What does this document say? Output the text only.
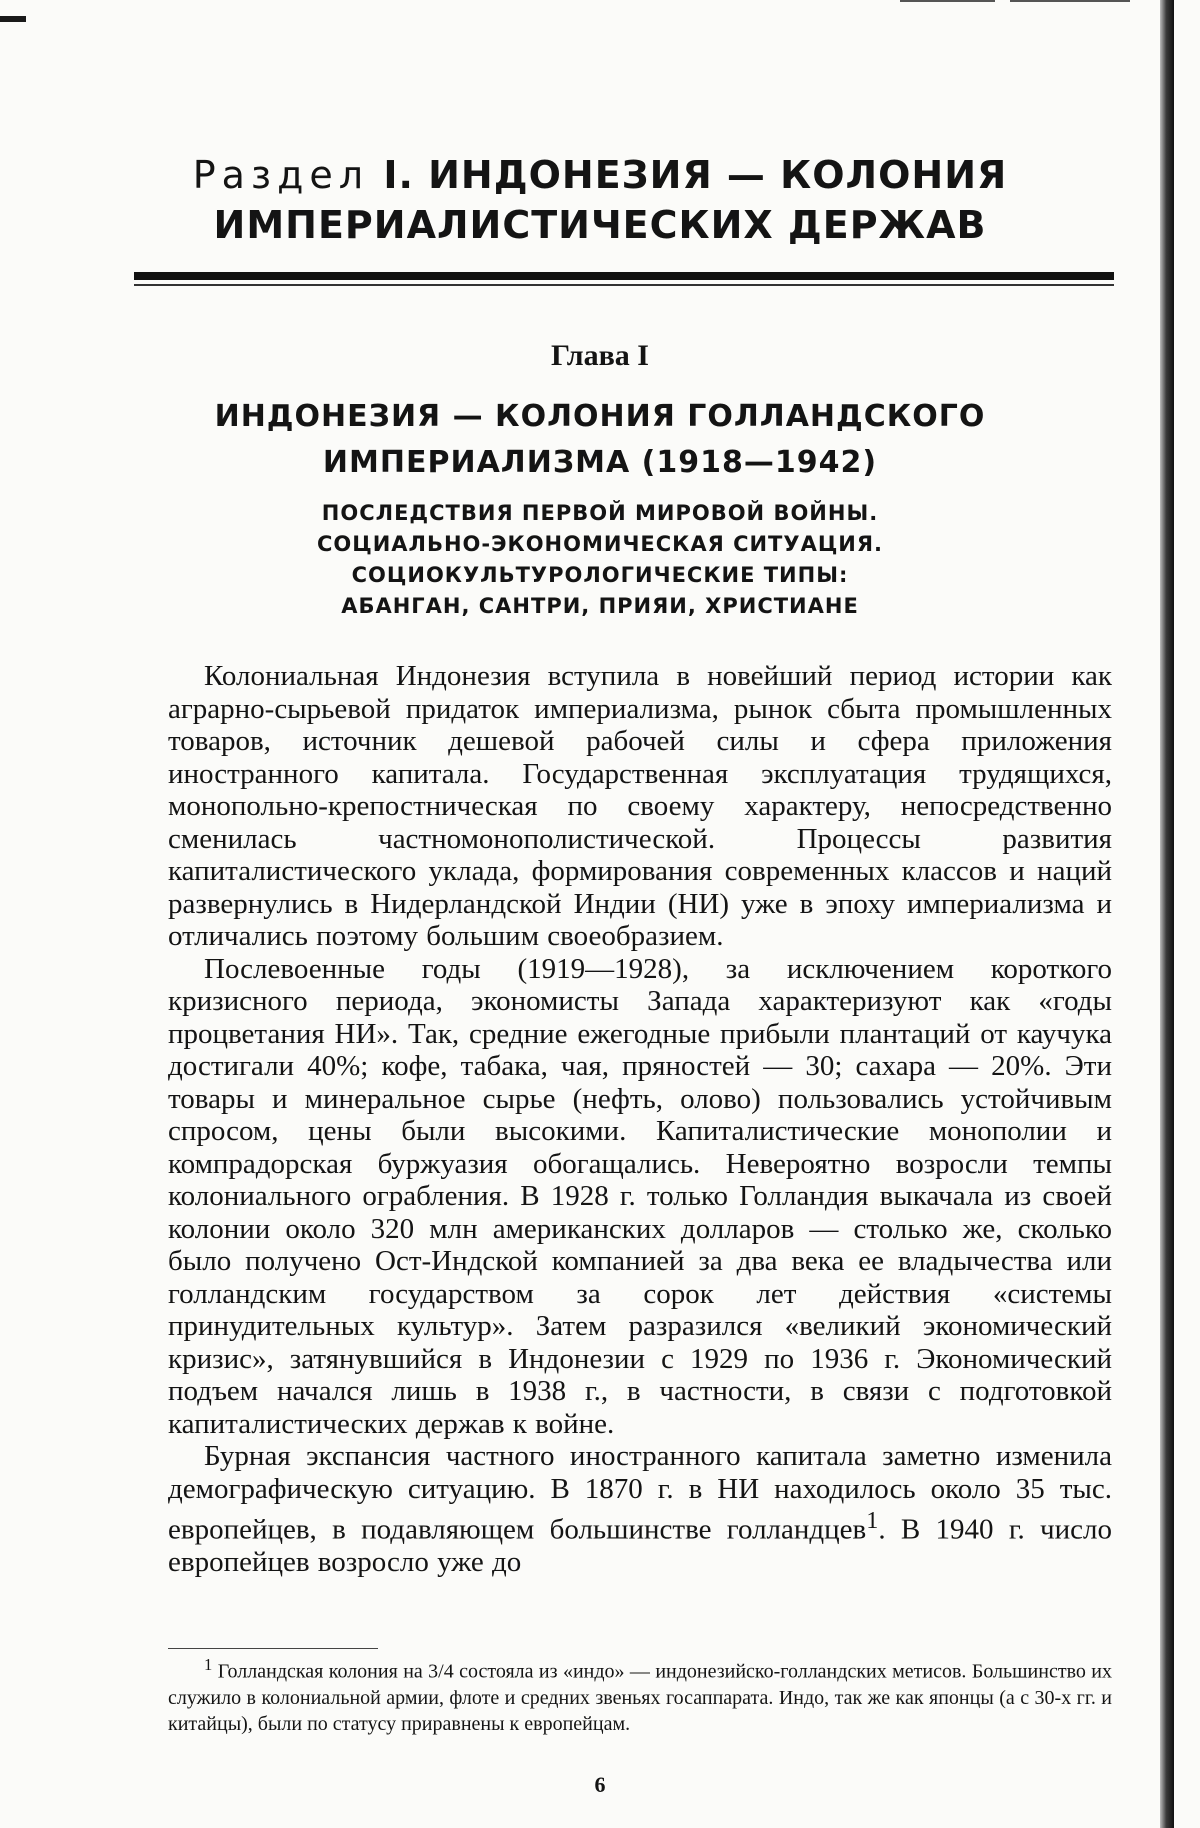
Раздел I. ИНДОНЕЗИЯ — КОЛОНИЯ ИМПЕРИАЛИСТИЧЕСКИХ ДЕРЖАВ
Глава I
ИНДОНЕЗИЯ — КОЛОНИЯ ГОЛЛАНДСКОГО ИМПЕРИАЛИЗМА (1918—1942)
ПОСЛЕДСТВИЯ ПЕРВОЙ МИРОВОЙ ВОЙНЫ.
СОЦИАЛЬНО-ЭКОНОМИЧЕСКАЯ СИТУАЦИЯ.
СОЦИОКУЛЬТУРОЛОГИЧЕСКИЕ ТИПЫ:
АБАНГАН, САНТРИ, ПРИЯИ, ХРИСТИАНЕ

Колониальная Индонезия вступила в новейший период истории как аграрно-сырьевой придаток империализма, рынок сбыта промышленных товаров, источник дешевой рабочей силы и сфера приложения иностранного капитала. Государственная эксплуатация трудящихся, монопольно-крепостническая по своему характеру, непосредственно сменилась частномонополистической. Процессы развития капиталистического уклада, формирования современных классов и наций развернулись в Нидерландской Индии (НИ) уже в эпоху империализма и отличались поэтому большим своеобразием.

Послевоенные годы (1919—1928), за исключением короткого кризисного периода, экономисты Запада характеризуют как «годы процветания НИ». Так, средние ежегодные прибыли плантаций от каучука достигали 40%; кофе, табака, чая, пряностей — 30; сахара — 20%. Эти товары и минеральное сырье (нефть, олово) пользовались устойчивым спросом, цены были высокими. Капиталистические монополии и компрадорская буржуазия обогащались. Невероятно возросли темпы колониального ограбления. В 1928 г. только Голландия выкачала из своей колонии около 320 млн американских долларов — столько же, сколько было получено Ост-Индской компанией за два века ее владычества или голландским государством за сорок лет действия «системы принудительных культур». Затем разразился «великий экономический кризис», затянувшийся в Индонезии с 1929 по 1936 г. Экономический подъем начался лишь в 1938 г., в частности, в связи с подготовкой капиталистических держав к войне.

Бурная экспансия частного иностранного капитала заметно изменила демографическую ситуацию. В 1870 г. в НИ находилось около 35 тыс. европейцев, в подавляющем большинстве голландцев$^1$. В 1940 г. число европейцев возросло уже до

$^1$ Голландская колония на 3/4 состояла из «индо» — индонезийско-голландских метисов. Большинство их служило в колониальной армии, флоте и средних звеньях госаппарата. Индо, так же как японцы (а с 30-х гг. и китайцы), были по статусу приравнены к европейцам.
6
